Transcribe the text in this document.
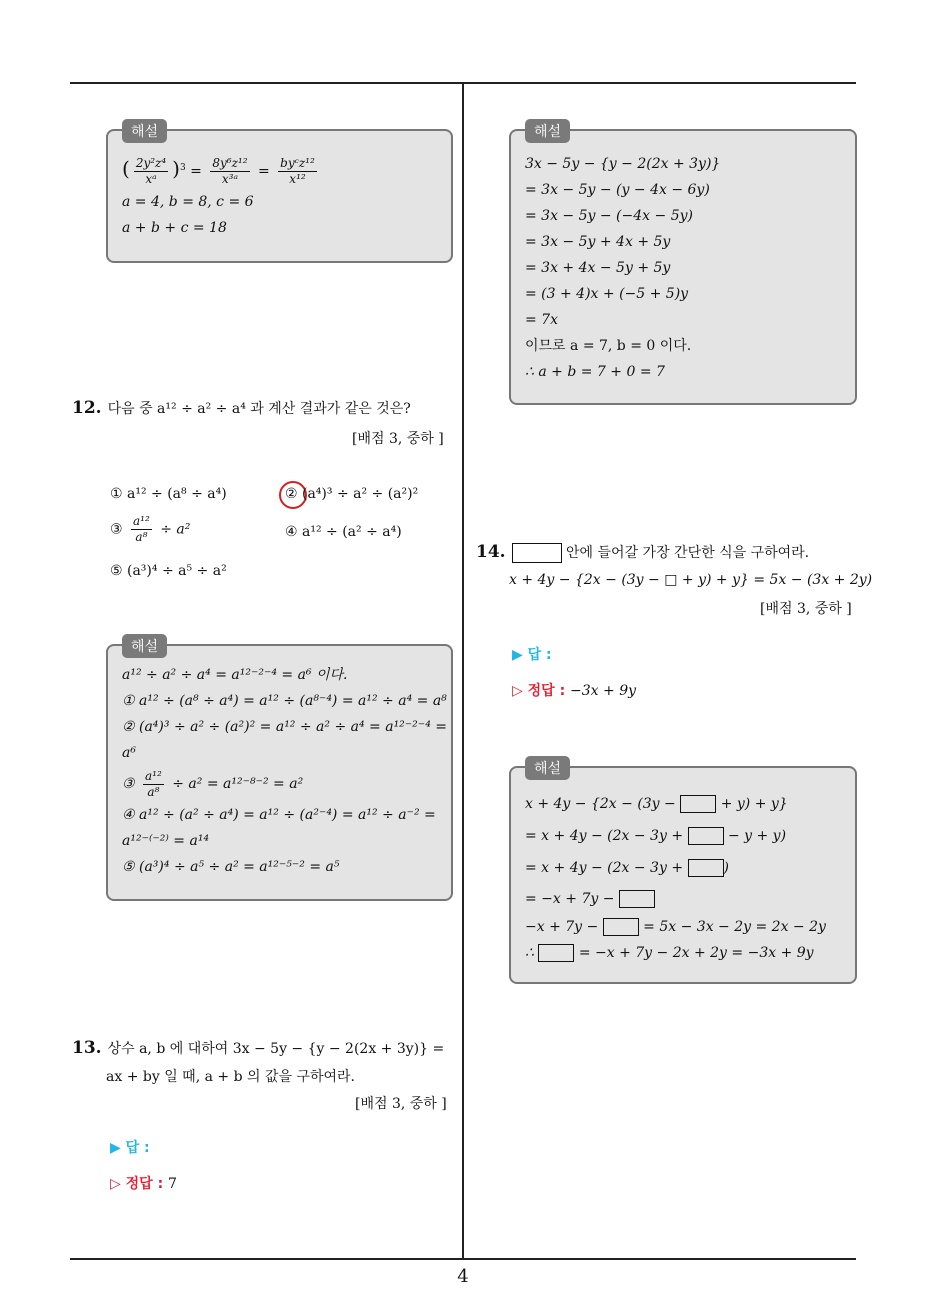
4
해설
( $\frac{\text{2y²z⁴}}{\text{xᵃ}} )^3 = \frac{\text{8y⁶z¹²}}{\text{x³ᵃ}} = \frac{\text{byᶜz¹²}}{\text{x¹²}}$
a = 4, b = 8, c = 6
a + b + c = 18
12. 다음 중 a¹² ÷ a² ÷ a⁴ 과 계산 결과가 같은 것은?
[배점 3, 중하 ]
① a¹² ÷ (a⁸ ÷ a⁴)	② (a⁴)³ ÷ a² ÷ (a²)²
③ $\frac{\text{a¹²}}{\text{a⁸}} \div a^2$	④ a¹² ÷ (a² ÷ a⁴)
⑤ (a³)⁴ ÷ a⁵ ÷ a²
해설
a¹² ÷ a² ÷ a⁴ = a¹²⁻²⁻⁴ = a⁶ 이다.
① a¹² ÷ (a⁸ ÷ a⁴) = a¹² ÷ (a⁸⁻⁴) = a¹² ÷ a⁴ = a⁸
② (a⁴)³ ÷ a² ÷ (a²)² = a¹² ÷ a² ÷ a⁴ = a¹²⁻²⁻⁴ =
a⁶
③ $\frac{\text{a¹²}}{\text{a⁸}} \div a^2 = a^{12-8-2} = a^2$
④ a¹² ÷ (a² ÷ a⁴) = a¹² ÷ (a²⁻⁴) = a¹² ÷ a⁻² =
a¹²⁻⁽⁻²⁾ = a¹⁴
⑤ (a³)⁴ ÷ a⁵ ÷ a² = a¹²⁻⁵⁻² = a⁵
13. 상수 a, b 에 대하여 3x − 5y − {y − 2(2x + 3y)} =
ax + by 일 때, a + b 의 값을 구하여라.
[배점 3, 중하 ]
▶ 답 :
▷ 정답 : 7
해설
3x − 5y − {y − 2(2x + 3y)}
= 3x − 5y − (y − 4x − 6y)
= 3x − 5y − (−4x − 5y)
= 3x − 5y + 4x + 5y
= 3x + 4x − 5y + 5y
= (3 + 4)x + (−5 + 5)y
= 7x
이므로 a = 7, b = 0 이다.
∴ a + b = 7 + 0 = 7
14.	안에 들어갈 가장 간단한 식을 구하여라.
x + 4y − {2x − (3y − □ + y) + y} = 5x − (3x + 2y)
[배점 3, 중하 ]
▶ 답 :
▷ 정답 : −3x + 9y
해설
x + 4y − {2x − (3y −	+ y) + y}
= x + 4y − (2x − 3y +	− y + y)
= x + 4y − (2x − 3y +	)
= −x + 7y −
−x + 7y −	= 5x − 3x − 2y = 2x − 2y
∴	= −x + 7y − 2x + 2y = −3x + 9y
